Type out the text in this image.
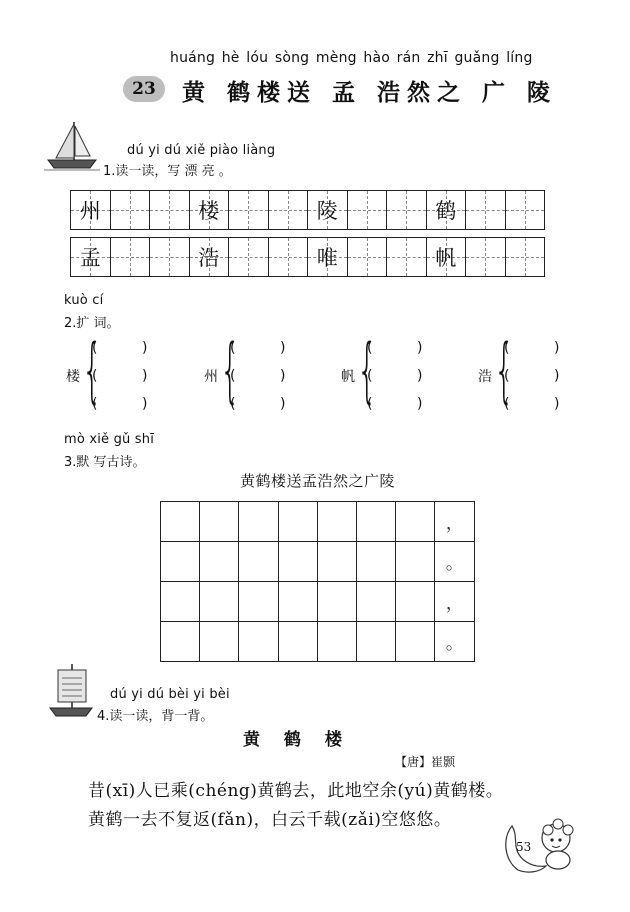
huáng hè lóu sòng mèng hào rán zhī guǎng líng
23	黄 鹤楼送 孟 浩然之 广 陵
dú yi dú xiě piào liàng
1.读一读，写 漂 亮 。
州	楼	陵	鹤
孟	浩	唯	帆
kuò cí
2.扩 词。
楼 {
(          )
(          )
(          )
州 {
(          )
(          )
(          )
帆 {
(          )
(          )
(          )
浩 {
(          )
(          )
(          )
mò xiě gǔ shī
3.默 写古诗。
黄鹤楼送孟浩然之广陵
							，
							。
							，
							。
dú yi dú bèi yi bèi
4.读一读，背一背。
黄 鹤 楼
【唐】崔颢
昔(xī)人已乘(chéng)黄鹤去，此地空余(yú)黄鹤楼。
黄鹤一去不复返(fǎn)，白云千载(zǎi)空悠悠。
53
